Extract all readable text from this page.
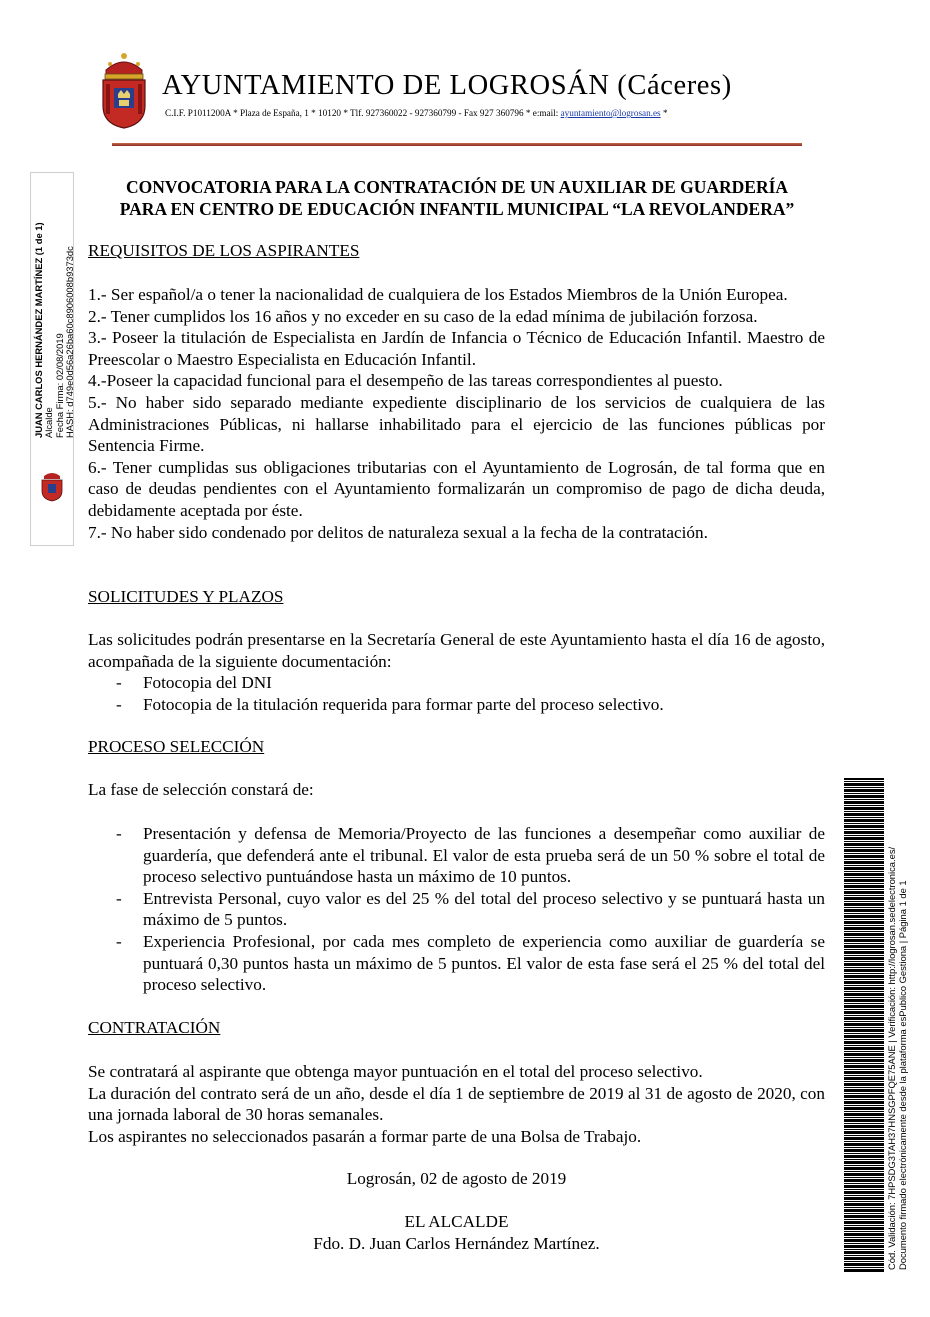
AYUNTAMIENTO DE LOGROSÁN (Cáceres)
C.I.F. P1011200A * Plaza de España, 1 * 10120 * Tlf. 927360022 - 927360799 - Fax 927 360796 * e:mail: ayuntamiento@logrosan.es *
JUAN CARLOS HERNÁNDEZ MARTÍNEZ (1 de 1) Alcalde Fecha Firma: 02/08/2019 HASH: d749e0d56a26ba60c8906008b9373dc
Cód. Validación: 7HPSDG3TAH37HNSGPFQE75ANE | Verificación: http://logrosan.sedelectronica.es/ Documento firmado electrónicamente desde la plataforma esPublico Gestiona | Página 1 de 1
CONVOCATORIA PARA LA CONTRATACIÓN DE UN AUXILIAR DE GUARDERÍA
PARA EN CENTRO DE EDUCACIÓN INFANTIL MUNICIPAL “LA REVOLANDERA”
REQUISITOS DE LOS ASPIRANTES
1.- Ser español/a o tener la nacionalidad de cualquiera de los Estados Miembros de la Unión Europea.
2.- Tener cumplidos los 16 años y no exceder en su caso de la edad mínima de jubilación forzosa.
3.- Poseer la titulación de Especialista en Jardín de Infancia o Técnico de Educación Infantil. Maestro de Preescolar o Maestro Especialista en Educación Infantil.
4.-Poseer la capacidad funcional para el desempeño de las tareas correspondientes al puesto.
5.- No haber sido separado mediante expediente disciplinario de los servicios de cualquiera de las Administraciones Públicas, ni hallarse inhabilitado para el ejercicio de las funciones públicas por Sentencia Firme.
6.- Tener cumplidas sus obligaciones tributarias con el Ayuntamiento de Logrosán, de tal forma que en caso de deudas pendientes con el Ayuntamiento formalizarán un compromiso de pago de dicha deuda, debidamente aceptada por éste.
7.- No haber sido condenado por delitos de naturaleza sexual a la fecha de la contratación.
SOLICITUDES Y PLAZOS
Las solicitudes podrán presentarse en la Secretaría General de este Ayuntamiento hasta el día 16 de agosto, acompañada de la siguiente documentación:
- Fotocopia del DNI
- Fotocopia de la titulación requerida para formar parte del proceso selectivo.
PROCESO SELECCIÓN
La fase de selección constará de:
- Presentación y defensa de Memoria/Proyecto de las funciones a desempeñar como auxiliar de guardería, que defenderá ante el tribunal. El valor de esta prueba será de un 50 % sobre el total de proceso selectivo puntuándose hasta un máximo de 10 puntos.
- Entrevista Personal, cuyo valor es del 25 % del total del proceso selectivo y se puntuará hasta un máximo de 5 puntos.
- Experiencia Profesional, por cada mes completo de experiencia como auxiliar de guardería se puntuará 0,30 puntos hasta un máximo de 5 puntos. El valor de esta fase será el 25 % del total del proceso selectivo.
CONTRATACIÓN
Se contratará al aspirante que obtenga mayor puntuación en el total del proceso selectivo.
La duración del contrato será de un año, desde el día 1 de septiembre de 2019 al 31 de agosto de 2020, con una jornada laboral de 30 horas semanales.
Los aspirantes no seleccionados pasarán a formar parte de una Bolsa de Trabajo.
Logrosán, 02 de agosto de 2019
EL ALCALDE
Fdo. D. Juan Carlos Hernández Martínez.
